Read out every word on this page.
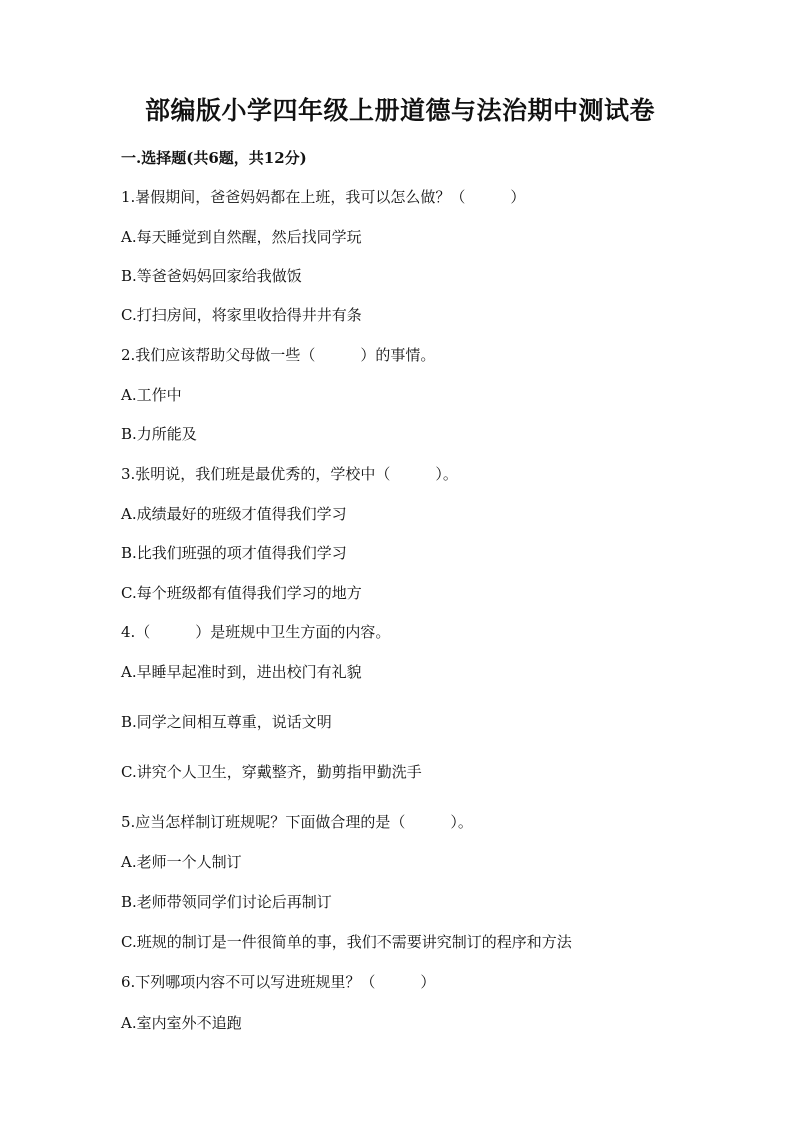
部编版小学四年级上册道德与法治期中测试卷
一.选择题(共6题，共12分)
1.暑假期间，爸爸妈妈都在上班，我可以怎么做？（　　　）
A.每天睡觉到自然醒，然后找同学玩
B.等爸爸妈妈回家给我做饭
C.打扫房间，将家里收拾得井井有条
2.我们应该帮助父母做一些（　　　）的事情。
A.工作中
B.力所能及
3.张明说，我们班是最优秀的，学校中（　　　）。
A.成绩最好的班级才值得我们学习
B.比我们班强的项才值得我们学习
C.每个班级都有值得我们学习的地方
4.（　　　）是班规中卫生方面的内容。
A.早睡早起准时到，进出校门有礼貌
B.同学之间相互尊重，说话文明
C.讲究个人卫生，穿戴整齐，勤剪指甲勤洗手
5.应当怎样制订班规呢？下面做合理的是（　　　）。
A.老师一个人制订
B.老师带领同学们讨论后再制订
C.班规的制订是一件很简单的事，我们不需要讲究制订的程序和方法
6.下列哪项内容不可以写进班规里？（　　　）
A.室内室外不追跑
